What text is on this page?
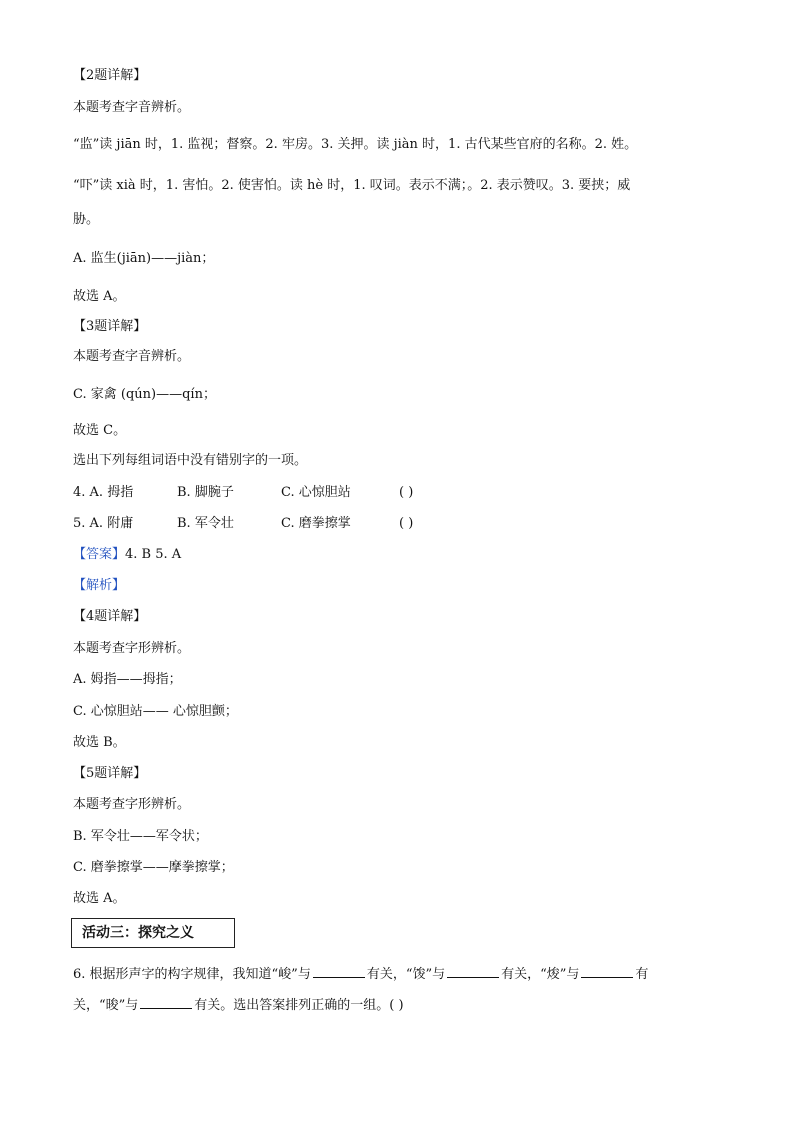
【2题详解】
本题考查字音辨析。
“监”读 jiān 时，1. 监视；督察。2. 牢房。3. 关押。读 jiàn 时，1. 古代某些官府的名称。2. 姓。
“吓”读 xià 时，1. 害怕。2. 使害怕。读 hè 时，1. 叹词。表示不满；。2. 表示赞叹。3. 要挟；威
胁。
A. 监生(jiān)——jiàn；
故选 A。
【3题详解】
本题考查字音辨析。
C. 家禽 (qún)——qín；
故选 C。
选出下列每组词语中没有错别字的一项。
4. A. 拇指	B. 脚腕子	C. 心惊胆站	( )
5. A. 附庸	B. 军令壮	C. 磨拳擦掌	( )
【答案】4. B 5. A
【解析】
【4题详解】
本题考查字形辨析。
A. 姆指——拇指；
C. 心惊胆站—— 心惊胆颤；
故选 B。
【5题详解】
本题考查字形辨析。
B. 军令壮——军令状；
C. 磨拳擦掌——摩拳擦掌；
故选 A。
活动三：探究之义
6. 根据形声字的构字规律，我知道“峻”与	有关，“馂”与	有关，“焌”与	有
关，“晙”与	有关。选出答案排列正确的一组。( )
